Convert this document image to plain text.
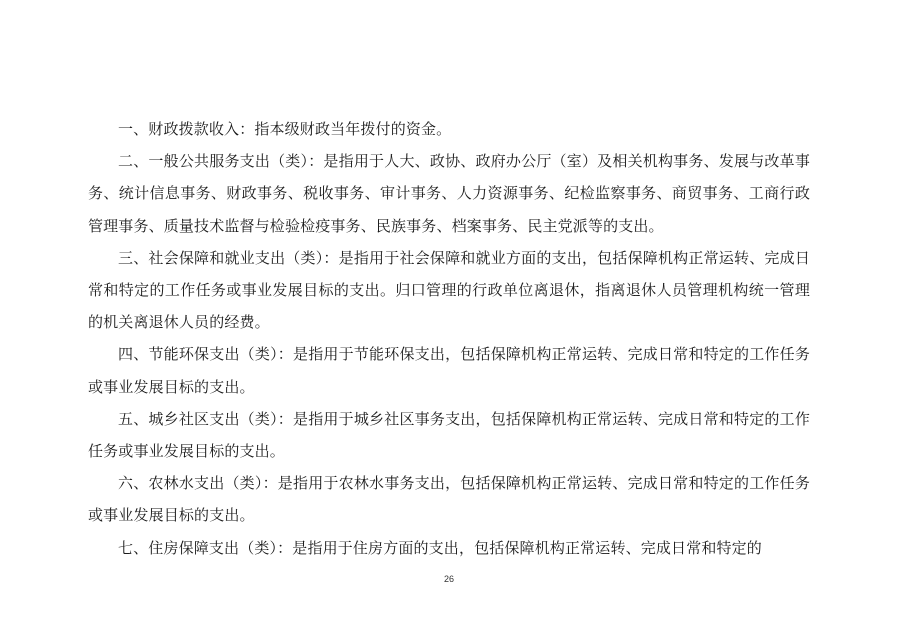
一、财政拨款收入：指本级财政当年拨付的资金。

二、一般公共服务支出（类）：是指用于人大、政协、政府办公厅（室）及相关机构事务、发展与改革事务、统计信息事务、财政事务、税收事务、审计事务、人力资源事务、纪检监察事务、商贸事务、工商行政管理事务、质量技术监督与检验检疫事务、民族事务、档案事务、民主党派等的支出。

三、社会保障和就业支出（类）：是指用于社会保障和就业方面的支出，包括保障机构正常运转、完成日常和特定的工作任务或事业发展目标的支出。归口管理的行政单位离退休，指离退休人员管理机构统一管理的机关离退休人员的经费。

四、节能环保支出（类）：是指用于节能环保支出，包括保障机构正常运转、完成日常和特定的工作任务或事业发展目标的支出。

五、城乡社区支出（类）：是指用于城乡社区事务支出，包括保障机构正常运转、完成日常和特定的工作任务或事业发展目标的支出。

六、农林水支出（类）：是指用于农林水事务支出，包括保障机构正常运转、完成日常和特定的工作任务或事业发展目标的支出。

七、住房保障支出（类）：是指用于住房方面的支出，包括保障机构正常运转、完成日常和特定的

26
